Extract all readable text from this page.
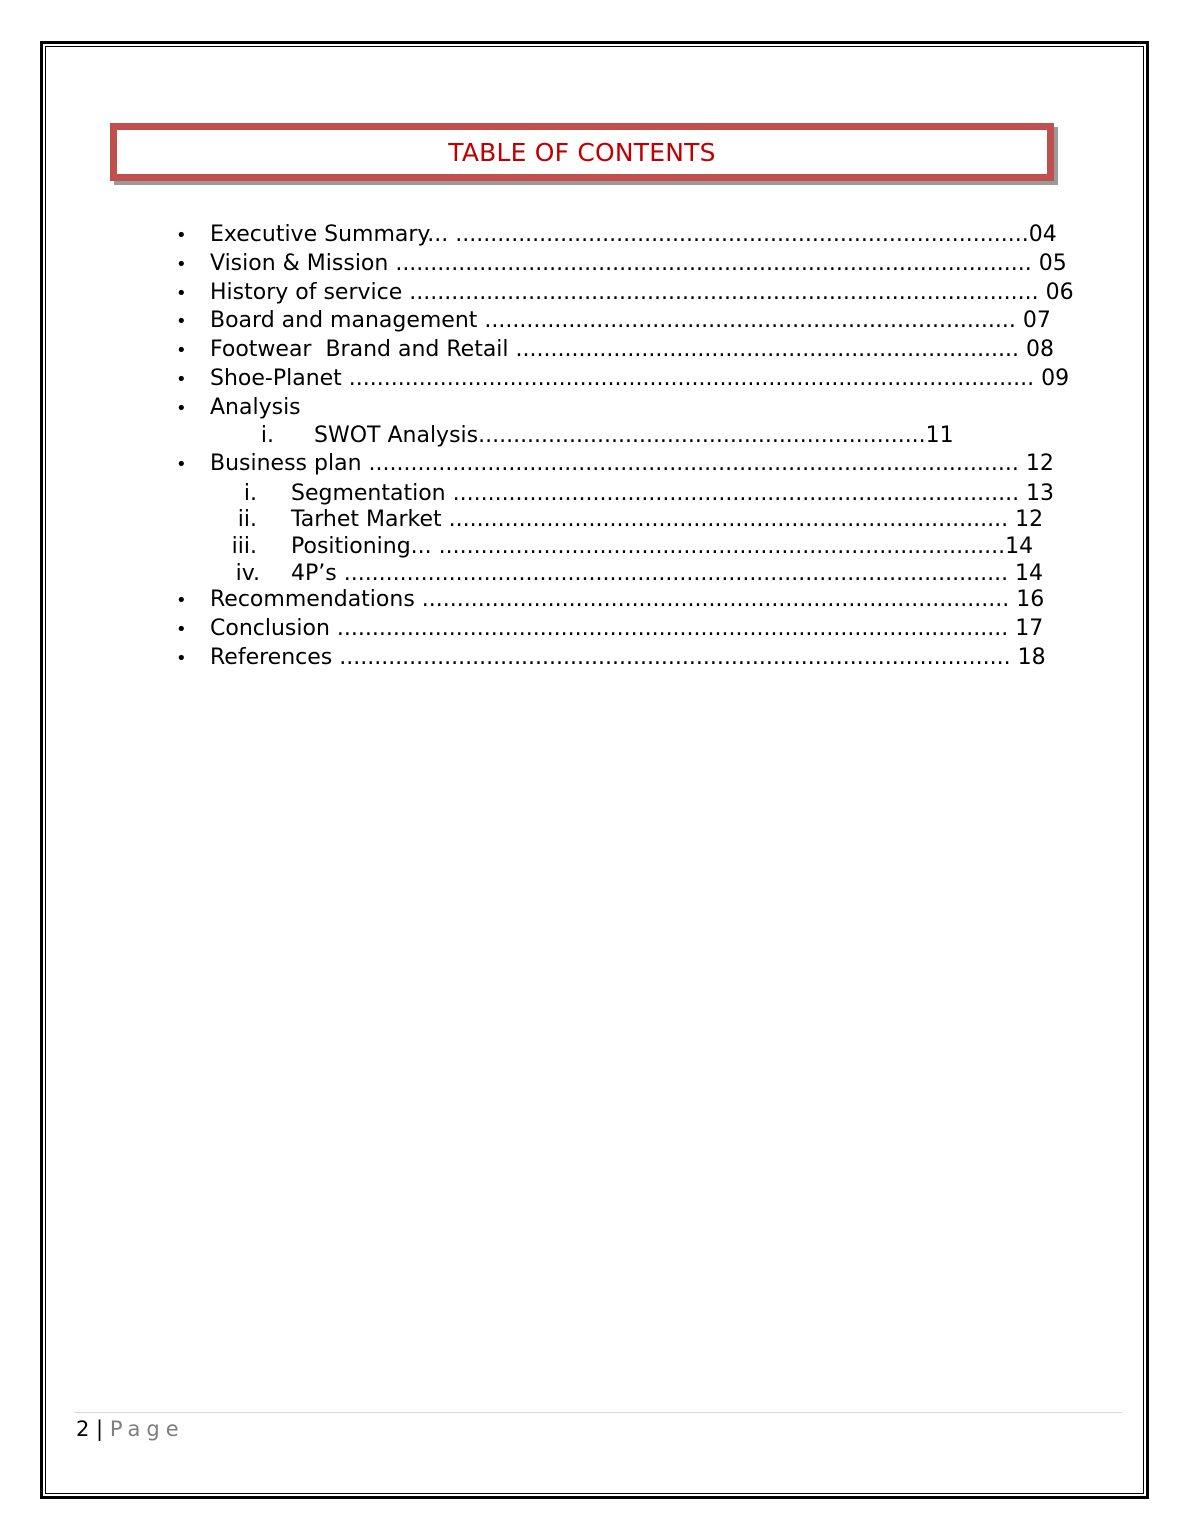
TABLE OF CONTENTS
• Executive Summary... ..................................................................................04
• Vision & Mission ........................................................................................... 05
• History of service .......................................................................................... 06
• Board and management ............................................................................ 07
• Footwear  Brand and Retail ........................................................................ 08
• Shoe-Planet .................................................................................................. 09
• Analysis
i. SWOT Analysis................................................................11
• Business plan ............................................................................................. 12
i. Segmentation ................................................................................. 13
ii. Tarhet Market ................................................................................ 12
iii. Positioning... .................................................................................14
iv. 4P’s ............................................................................................... 14
• Recommendations .................................................................................... 16
• Conclusion ................................................................................................ 17
• References ................................................................................................ 18
2 | Page
